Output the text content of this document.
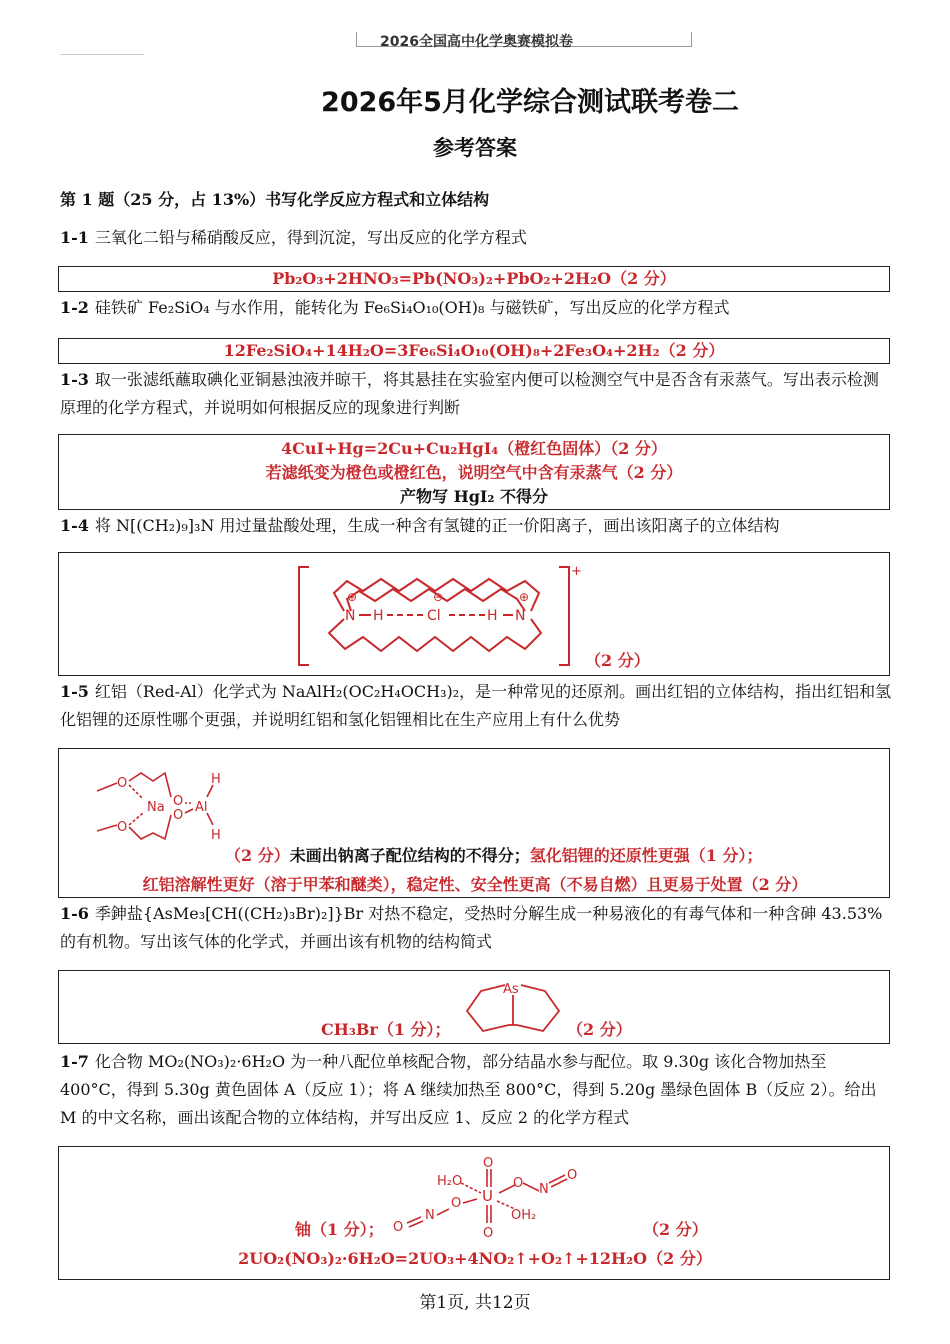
2026全国高中化学奥赛模拟卷
2026年5月化学综合测试联考卷二
参考答案
第 1 题（25 分，占 13%）书写化学反应方程式和立体结构
1-1 三氧化二铅与稀硝酸反应，得到沉淀，写出反应的化学方程式
Pb₂O₃+2HNO₃=Pb(NO₃)₂+PbO₂+2H₂O（2 分）
1-2 硅铁矿 Fe₂SiO₄ 与水作用，能转化为 Fe₆Si₄O₁₀(OH)₈ 与磁铁矿，写出反应的化学方程式
12Fe₂SiO₄+14H₂O=3Fe₆Si₄O₁₀(OH)₈+2Fe₃O₄+2H₂（2 分）
1-3 取一张滤纸蘸取碘化亚铜悬浊液并晾干，将其悬挂在实验室内便可以检测空气中是否含有汞蒸气。写出表示检测原理的化学方程式，并说明如何根据反应的现象进行判断
4CuI+Hg=2Cu+Cu₂HgI₄（橙红色固体）（2 分）
若滤纸变为橙色或橙红色，说明空气中含有汞蒸气（2 分）
产物写 HgI₂ 不得分
1-4 将 N[(CH₂)₉]₃N 用过量盐酸处理，生成一种含有氢键的正一价阳离子，画出该阳离子的立体结构
N H	Cl	H N
⊕	⊖	⊕
+
（2 分）
1-5 红铝（Red-Al）化学式为 NaAlH₂(OC₂H₄OCH₃)₂，是一种常见的还原剂。画出红铝的立体结构，指出红铝和氢化铝锂的还原性哪个更强，并说明红铝和氢化铝锂相比在生产应用上有什么优势
O
O
Na O
O
Al
H
H
（2 分）未画出钠离子配位结构的不得分；氢化铝锂的还原性更强（1 分）；
红铝溶解性更好（溶于甲苯和醚类），稳定性、安全性更高（不易自燃）且更易于处置（2 分）
1-6 季鉮盐{AsMe₃[CH((CH₂)₃Br)₂]}Br 对热不稳定，受热时分解生成一种易液化的有毒气体和一种含砷 43.53%的有机物。写出该气体的化学式，并画出该有机物的结构简式
CH₃Br（1 分）；
As
（2 分）
1-7 化合物 MO₂(NO₃)₂·6H₂O 为一种八配位单核配合物，部分结晶水参与配位。取 9.30g 该化合物加热至 400°C，得到 5.30g 黄色固体 A（反应 1）；将 A 继续加热至 800°C，得到 5.20g 墨绿色固体 B（反应 2）。给出 M 的中文名称，画出该配合物的立体结构，并写出反应 1、反应 2 的化学方程式
铀（1 分）；
O
O
U
H₂O	O N
O
O
N
O
OH₂
（2 分）
2UO₂(NO₃)₂·6H₂O=2UO₃+4NO₂↑+O₂↑+12H₂O（2 分）
第1页, 共12页
